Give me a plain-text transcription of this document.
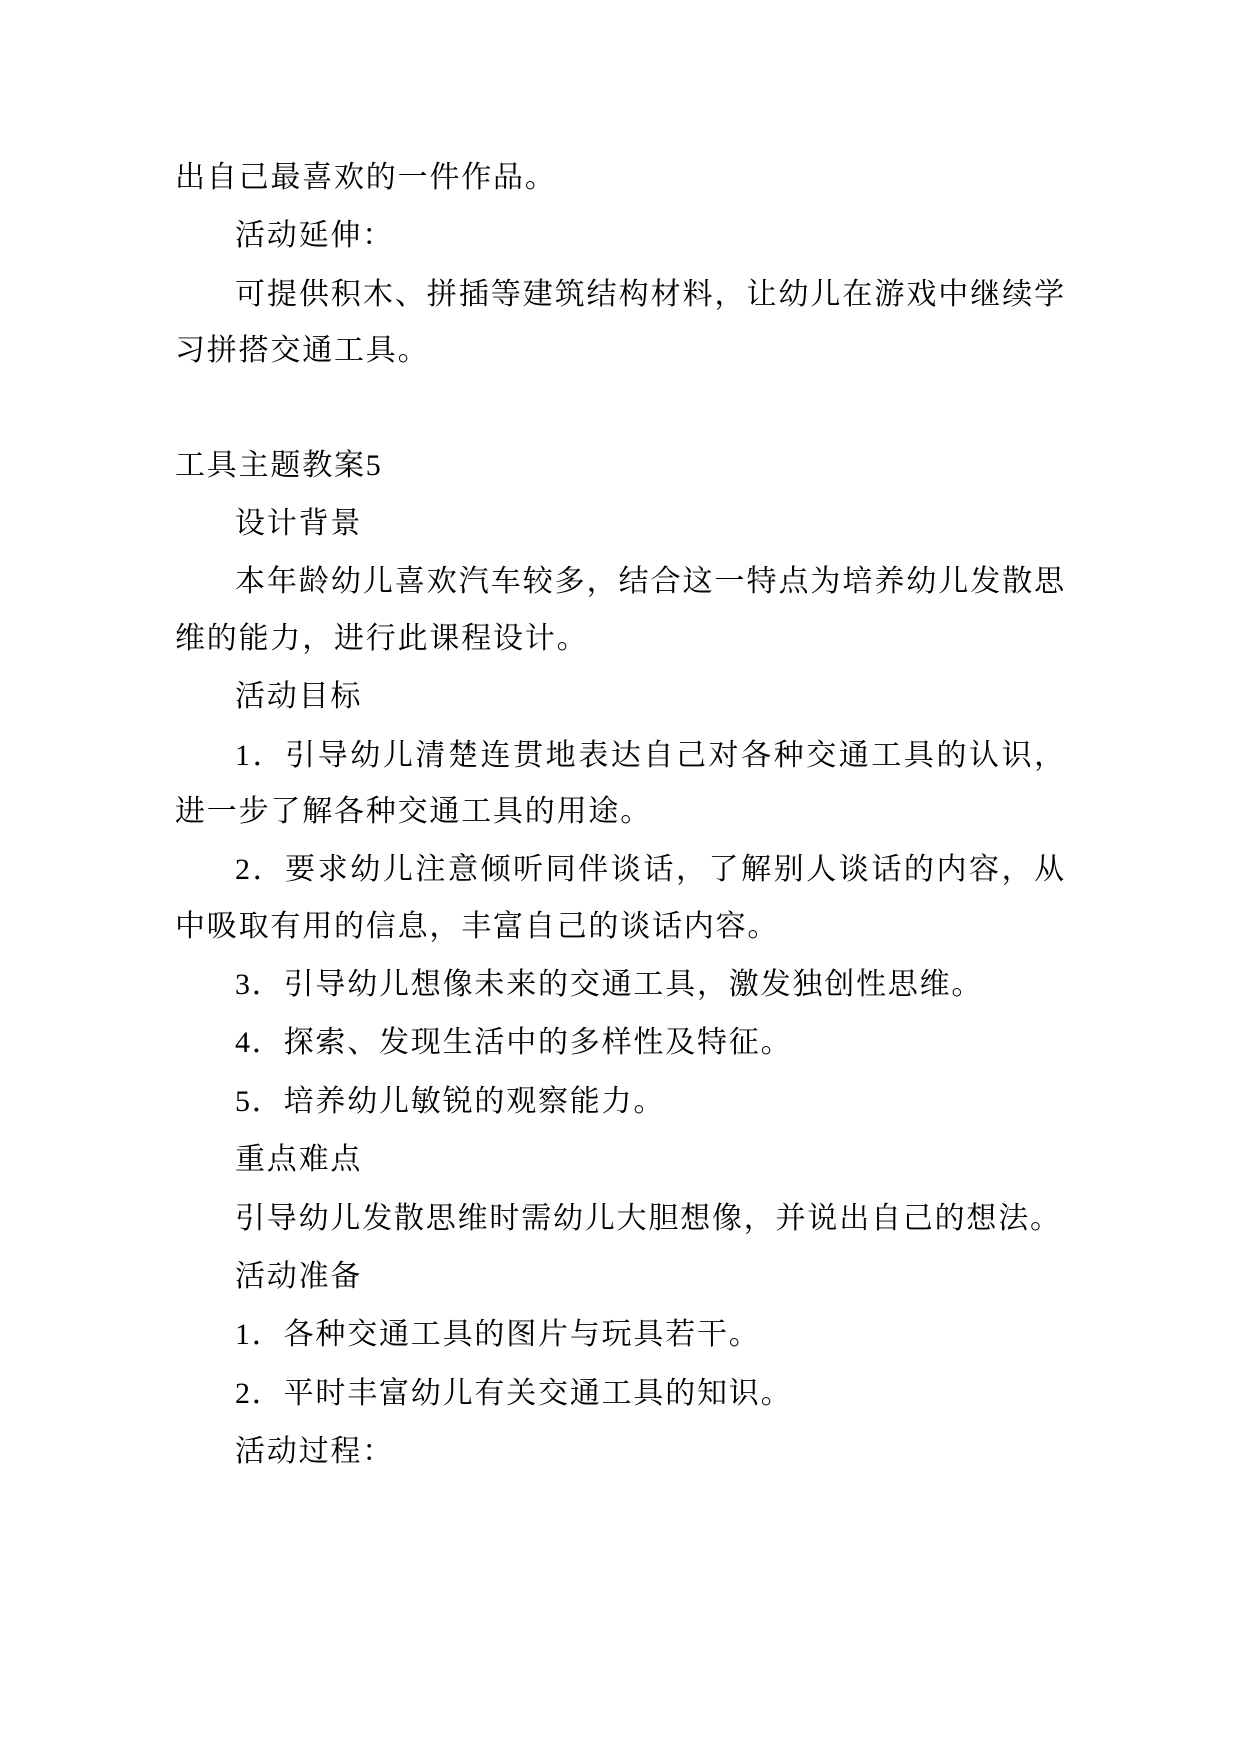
出自己最喜欢的一件作品。

活动延伸：

可提供积木、拼插等建筑结构材料，让幼儿在游戏中继续学习拼搭交通工具。

工具主题教案5

设计背景

本年龄幼儿喜欢汽车较多，结合这一特点为培养幼儿发散思维的能力，进行此课程设计。

活动目标

1．引导幼儿清楚连贯地表达自己对各种交通工具的认识，进一步了解各种交通工具的用途。

2．要求幼儿注意倾听同伴谈话，了解别人谈话的内容，从中吸取有用的信息，丰富自己的谈话内容。

3．引导幼儿想像未来的交通工具，激发独创性思维。

4．探索、发现生活中的多样性及特征。

5．培养幼儿敏锐的观察能力。

重点难点

引导幼儿发散思维时需幼儿大胆想像，并说出自己的想法。

活动准备

1．各种交通工具的图片与玩具若干。

2．平时丰富幼儿有关交通工具的知识。

活动过程：
